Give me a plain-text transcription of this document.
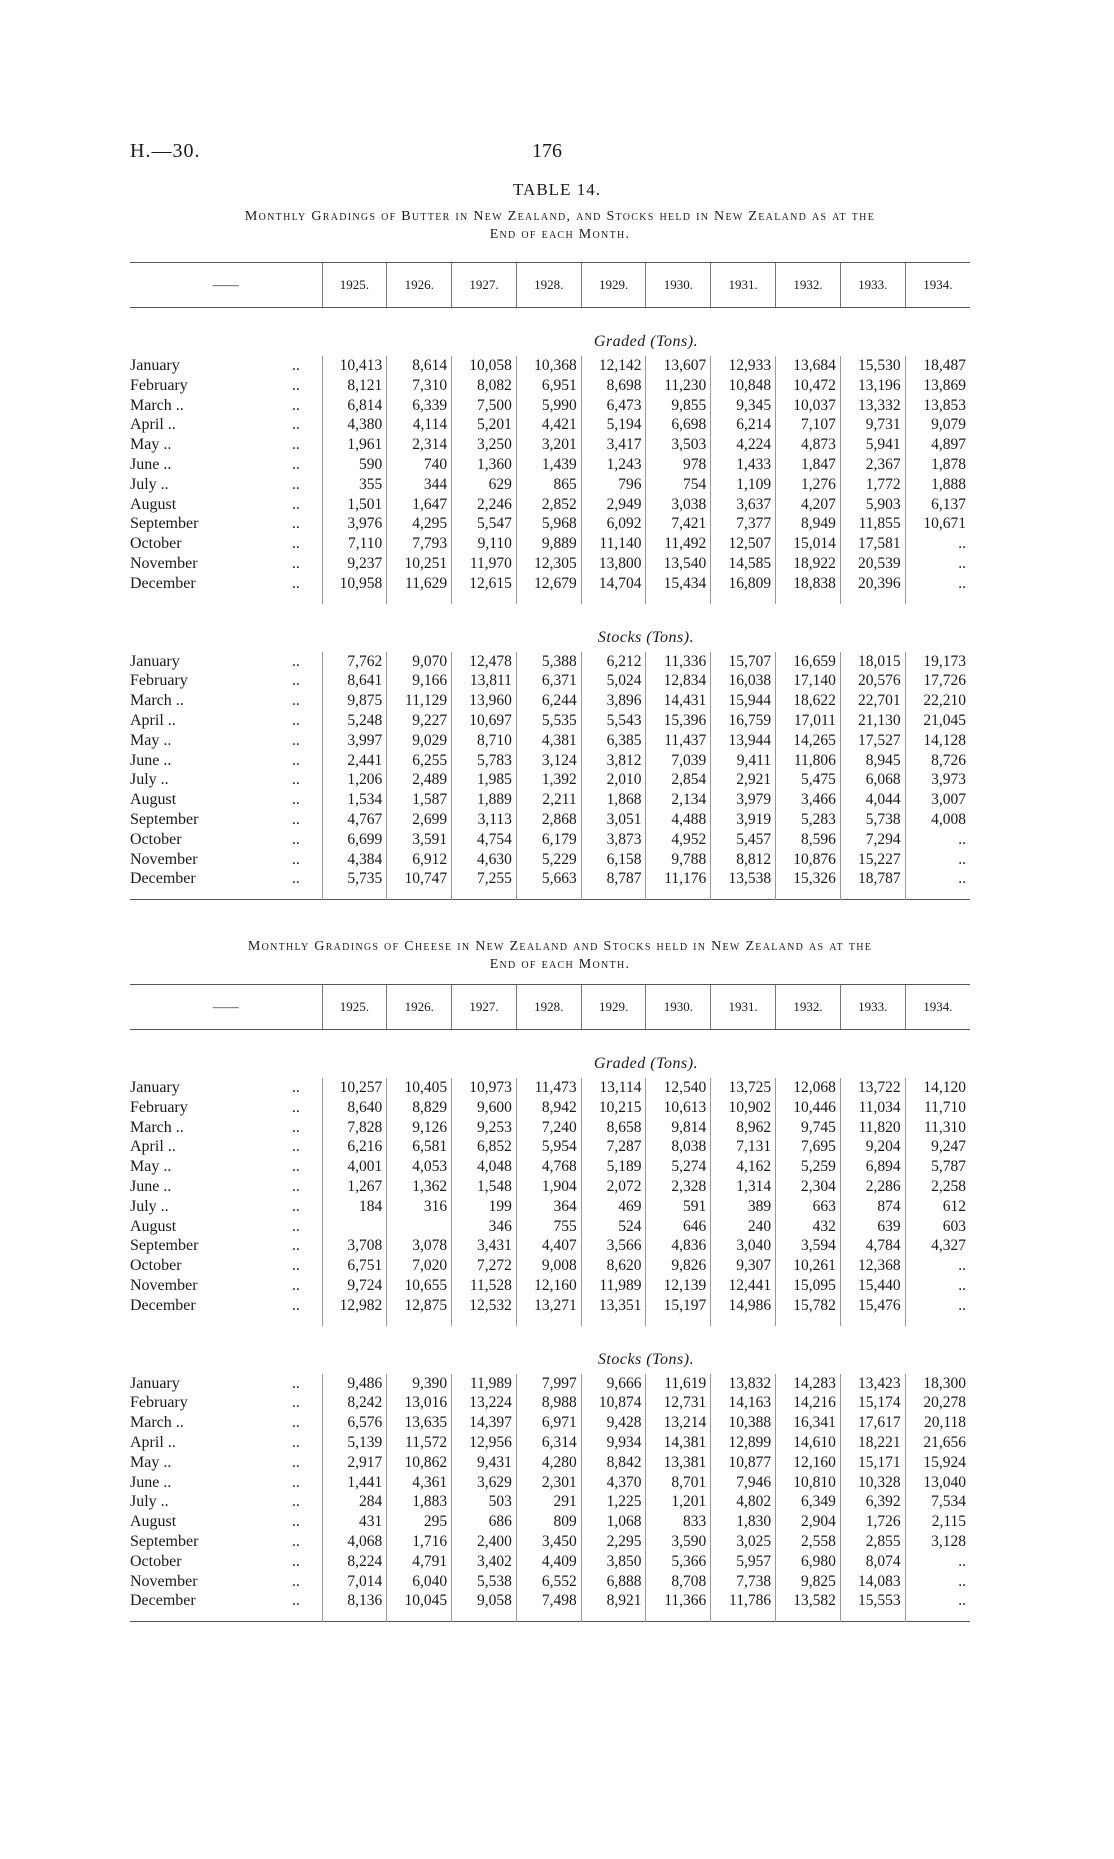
H.—30.	176
TABLE 14.
Monthly Gradings of Butter in New Zealand, and Stocks held in New Zealand as at the
End of each Month.
——		1925.	1926.	1927.	1928.	1929.	1930.	1931.	1932.	1933.	1934.
		Graded (Tons).									
January	..	10,413	8,614	10,058	10,368	12,142	13,607	12,933	13,684	15,530	18,487
February	..	8,121	7,310	8,082	6,951	8,698	11,230	10,848	10,472	13,196	13,869
March ..	..	6,814	6,339	7,500	5,990	6,473	9,855	9,345	10,037	13,332	13,853
April ..	..	4,380	4,114	5,201	4,421	5,194	6,698	6,214	7,107	9,731	9,079
May ..	..	1,961	2,314	3,250	3,201	3,417	3,503	4,224	4,873	5,941	4,897
June ..	..	590	740	1,360	1,439	1,243	978	1,433	1,847	2,367	1,878
July ..	..	355	344	629	865	796	754	1,109	1,276	1,772	1,888
August	..	1,501	1,647	2,246	2,852	2,949	3,038	3,637	4,207	5,903	6,137
September	..	3,976	4,295	5,547	5,968	6,092	7,421	7,377	8,949	11,855	10,671
October	..	7,110	7,793	9,110	9,889	11,140	11,492	12,507	15,014	17,581	..
November	..	9,237	10,251	11,970	12,305	13,800	13,540	14,585	18,922	20,539	..
December	..	10,958	11,629	12,615	12,679	14,704	15,434	16,809	18,838	20,396	..

		Stocks (Tons).									
January	..	7,762	9,070	12,478	5,388	6,212	11,336	15,707	16,659	18,015	19,173
February	..	8,641	9,166	13,811	6,371	5,024	12,834	16,038	17,140	20,576	17,726
March ..	..	9,875	11,129	13,960	6,244	3,896	14,431	15,944	18,622	22,701	22,210
April ..	..	5,248	9,227	10,697	5,535	5,543	15,396	16,759	17,011	21,130	21,045
May ..	..	3,997	9,029	8,710	4,381	6,385	11,437	13,944	14,265	17,527	14,128
June ..	..	2,441	6,255	5,783	3,124	3,812	7,039	9,411	11,806	8,945	8,726
July ..	..	1,206	2,489	1,985	1,392	2,010	2,854	2,921	5,475	6,068	3,973
August	..	1,534	1,587	1,889	2,211	1,868	2,134	3,979	3,466	4,044	3,007
September	..	4,767	2,699	3,113	2,868	3,051	4,488	3,919	5,283	5,738	4,008
October	..	6,699	3,591	4,754	6,179	3,873	4,952	5,457	8,596	7,294	..
November	..	4,384	6,912	4,630	5,229	6,158	9,788	8,812	10,876	15,227	..
December	..	5,735	10,747	7,255	5,663	8,787	11,176	13,538	15,326	18,787	..

Monthly Gradings of Cheese in New Zealand and Stocks held in New Zealand as at the
End of each Month.
——		1925.	1926.	1927.	1928.	1929.	1930.	1931.	1932.	1933.	1934.
		Graded (Tons).									
January	..	10,257	10,405	10,973	11,473	13,114	12,540	13,725	12,068	13,722	14,120
February	..	8,640	8,829	9,600	8,942	10,215	10,613	10,902	10,446	11,034	11,710
March ..	..	7,828	9,126	9,253	7,240	8,658	9,814	8,962	9,745	11,820	11,310
April ..	..	6,216	6,581	6,852	5,954	7,287	8,038	7,131	7,695	9,204	9,247
May ..	..	4,001	4,053	4,048	4,768	5,189	5,274	4,162	5,259	6,894	5,787
June ..	..	1,267	1,362	1,548	1,904	2,072	2,328	1,314	2,304	2,286	2,258
July ..	..	184	316	199	364	469	591	389	663	874	612
August	..			346	755	524	646	240	432	639	603
September	..	3,708	3,078	3,431	4,407	3,566	4,836	3,040	3,594	4,784	4,327
October	..	6,751	7,020	7,272	9,008	8,620	9,826	9,307	10,261	12,368	..
November	..	9,724	10,655	11,528	12,160	11,989	12,139	12,441	15,095	15,440	..
December	..	12,982	12,875	12,532	13,271	13,351	15,197	14,986	15,782	15,476	..

		Stocks (Tons).									
January	..	9,486	9,390	11,989	7,997	9,666	11,619	13,832	14,283	13,423	18,300
February	..	8,242	13,016	13,224	8,988	10,874	12,731	14,163	14,216	15,174	20,278
March ..	..	6,576	13,635	14,397	6,971	9,428	13,214	10,388	16,341	17,617	20,118
April ..	..	5,139	11,572	12,956	6,314	9,934	14,381	12,899	14,610	18,221	21,656
May ..	..	2,917	10,862	9,431	4,280	8,842	13,381	10,877	12,160	15,171	15,924
June ..	..	1,441	4,361	3,629	2,301	4,370	8,701	7,946	10,810	10,328	13,040
July ..	..	284	1,883	503	291	1,225	1,201	4,802	6,349	6,392	7,534
August	..	431	295	686	809	1,068	833	1,830	2,904	1,726	2,115
September	..	4,068	1,716	2,400	3,450	2,295	3,590	3,025	2,558	2,855	3,128
October	..	8,224	4,791	3,402	4,409	3,850	5,366	5,957	6,980	8,074	..
November	..	7,014	6,040	5,538	6,552	6,888	8,708	7,738	9,825	14,083	..
December	..	8,136	10,045	9,058	7,498	8,921	11,366	11,786	13,582	15,553	..
